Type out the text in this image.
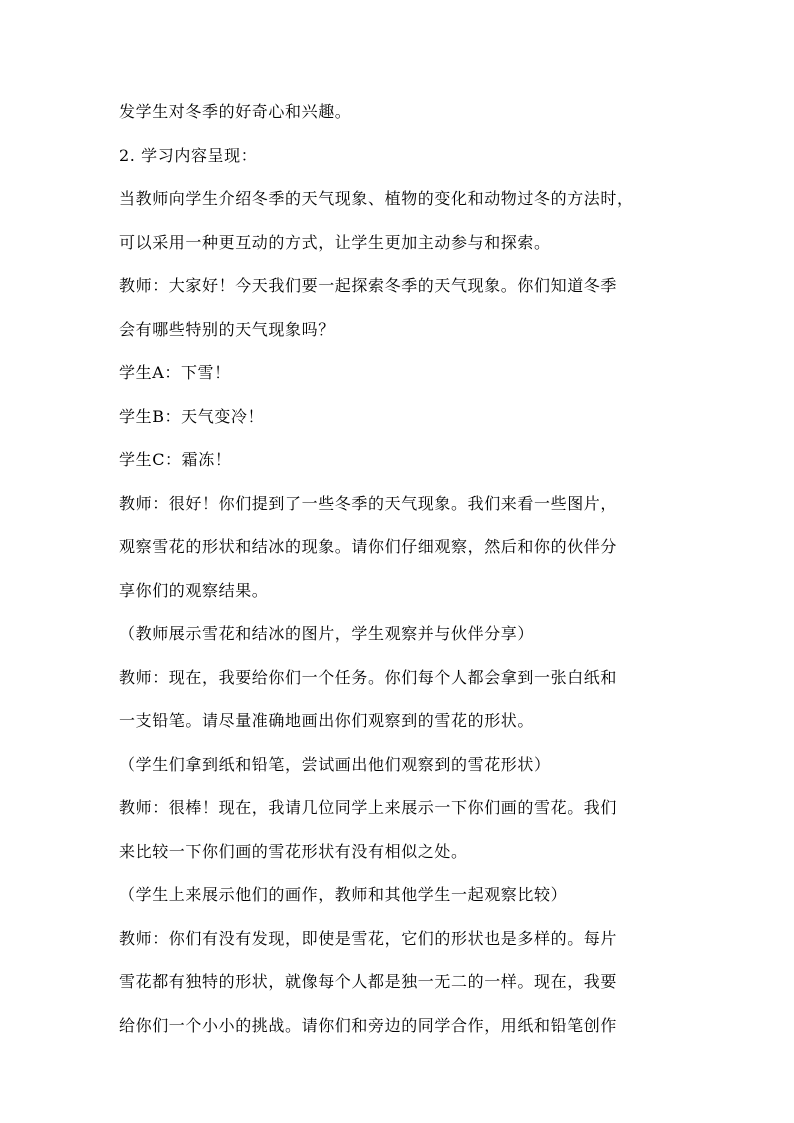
发学生对冬季的好奇心和兴趣。
2. 学习内容呈现：
当教师向学生介绍冬季的天气现象、植物的变化和动物过冬的方法时，
可以采用一种更互动的方式，让学生更加主动参与和探索。
教师：大家好！今天我们要一起探索冬季的天气现象。你们知道冬季
会有哪些特别的天气现象吗？
学生A：下雪！
学生B：天气变冷！
学生C：霜冻！
教师：很好！你们提到了一些冬季的天气现象。我们来看一些图片，
观察雪花的形状和结冰的现象。请你们仔细观察，然后和你的伙伴分
享你们的观察结果。
（教师展示雪花和结冰的图片，学生观察并与伙伴分享）
教师：现在，我要给你们一个任务。你们每个人都会拿到一张白纸和
一支铅笔。请尽量准确地画出你们观察到的雪花的形状。
（学生们拿到纸和铅笔，尝试画出他们观察到的雪花形状）
教师：很棒！现在，我请几位同学上来展示一下你们画的雪花。我们
来比较一下你们画的雪花形状有没有相似之处。
（学生上来展示他们的画作，教师和其他学生一起观察比较）
教师：你们有没有发现，即使是雪花，它们的形状也是多样的。每片
雪花都有独特的形状，就像每个人都是独一无二的一样。现在，我要
给你们一个小小的挑战。请你们和旁边的同学合作，用纸和铅笔创作
